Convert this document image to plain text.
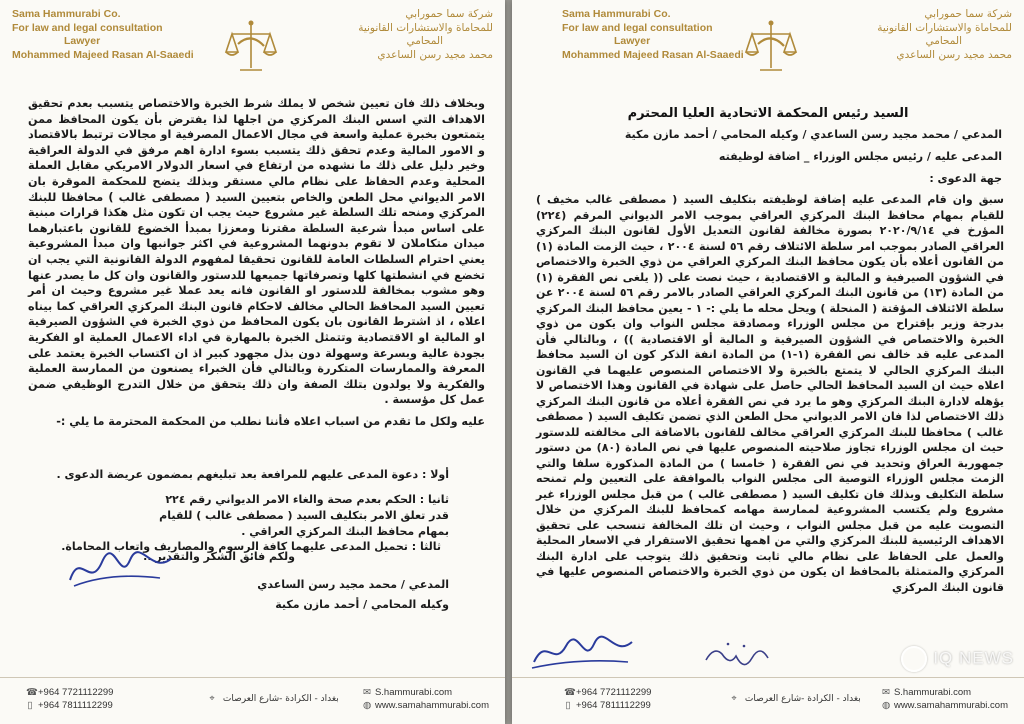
Sama Hammurabi Co.
For law and legal consultation
Lawyer
Mohammed Majeed Rasan Al-Saaedi
شركة سما حمورابي
للمحاماة والاستشارات القانونية
المحامي
محمد مجيد رسن الساعدي

وبخلاف ذلك فان تعيين شخص لا يملك شرط الخبرة والاختصاص يتسبب بعدم تحقيق الاهداف التي اسس البنك المركزي من اجلها لذا يفترض بأن يكون المحافظ ممن يتمتعون بخبرة عملية واسعة في مجال الاعمال المصرفية او مجالات ترتبط بالاقتصاد و الامور المالية وعدم تحقق ذلك يتسبب بسوء ادارة اهم مرفق في الدولة العراقية وخير دليل على ذلك ما نشهده من ارتفاع في اسعار الدولار الامريكي مقابل العملة المحلية وعدم الحفاظ على نظام مالي مستقر وبذلك يتضح للمحكمة الموقرة بان الامر الديواني محل الطعن والخاص بتعيين السيد ( مصطفى غالب ) محافظا للبنك المركزي ومنحه تلك السلطة غير مشروع حيث يجب ان تكون مثل هكذا قرارات مبنية على اساس مبدأ شرعية السلطة مقترنا ومعززا بمبدأ الخضوع للقانون باعتبارهما ميدان متكاملان لا تقوم بدونهما المشروعية في اكثر جوانبها وان مبدأ المشروعية يعني احترام السلطات العامة للقانون تحقيقا لمفهوم الدولة القانونية التي يجب ان تخضع في انشطتها كلها وتصرفاتها جميعها للدستور والقانون وان كل ما يصدر عنها وهو مشوب بمخالفة للدستور او القانون فانه يعد عملا غير مشروع وحيث ان أمر تعيين السيد المحافظ الحالي مخالف لاحكام قانون البنك المركزي العراقي كما بيناه اعلاه ، اذ اشترط القانون بان يكون المحافظ من ذوي الخبرة في الشؤون الصيرفية او المالية او الاقتصادية وتتمثل الخبرة بالمهارة في اداء الاعمال العملية او الفكرية بجودة عالية وبسرعة وسهولة دون بذل مجهود كبير اذ ان اكتساب الخبرة يعتمد على المعرفة والممارسات المتكررة وبالتالي فأن الخبراء يصنعون من الممارسة العملية والفكرية ولا يولدون بتلك الصفة وان ذلك يتحقق من خلال التدرج الوظيفي ضمن عمل كل مؤسسة .

عليه ولكل ما تقدم من اسباب اعلاه فأننا نطلب من المحكمة المحترمة ما يلي :-

أولا : دعوة المدعى عليهم للمرافعة بعد تبليغهم بمضمون عريضة الدعوى .
ثانيا : الحكم بعدم صحة والغاء الامر الديواني رقم ٢٢٤ قدر تعلق الامر بتكليف السيد ( مصطفى غالب ) للقيام بمهام محافظ البنك المركزي العراقي .
ثالثا : تحميل المدعى عليهما كافة الرسوم والمصاريف واتعاب المحاماة.
ولكم فائق الشكر والتقدير ..
المدعي / محمد مجيد رسن الساعدي
وكيله المحامي / أحمد مازن مكية
☎+964 7721112299
▯ +964 7811112299
بغداد - الكرادة -شارع العرصات ⌖
✉ S.hammurabi.com
◍ www.samahammurabi.com
Sama Hammurabi Co.
For law and legal consultation
Lawyer
Mohammed Majeed Rasan Al-Saaedi
شركة سما حمورابي
للمحاماة والاستشارات القانونية
المحامي
محمد مجيد رسن الساعدي
السيد رئيس المحكمة الاتحادية العليا المحترم
المدعي / محمد مجيد رسن الساعدي / وكيله المحامي / أحمد مازن مكية
المدعى عليه / رئيس مجلس الوزراء _ اضافة لوظيفته
جهة الدعوى :

سبق وان قام المدعى عليه إضافة لوظيفته بتكليف السيد ( مصطفى غالب مخيف ) للقيام بمهام محافظ البنك المركزي العراقي بموجب الامر الديواني المرقم (٢٢٤) المؤرخ في ٢٠٢٠/٩/١٤ بصورة مخالفة لقانون التعديل الأول لقانون البنك المركزي العراقي الصادر بموجب امر سلطة الائتلاف رقم ٥٦ لسنة ٢٠٠٤ ، حيث الزمت المادة (١) من القانون أعلاه بأن يكون محافظ البنك المركزي العراقي من ذوي الخبرة والاختصاص في الشؤون الصيرفية و المالية و الاقتصادية ، حيث نصت على (( يلغى نص الفقرة (١) من المادة (١٣) من قانون البنك المركزي العراقي الصادر بالامر رقم ٥٦ لسنة ٢٠٠٤ عن سلطة الائتلاف المؤقتة ( المنحلة ) ويحل محله ما يلي :- ١ - يعين محافظ البنك المركزي بدرجة وزير بإقتراح من مجلس الوزراء ومصادقة مجلس النواب وان يكون من ذوي الخبرة والاختصاص في الشؤون الصيرفية و المالية أو الاقتصادية )) ، وبالتالي فأن المدعى عليه قد خالف نص الفقرة (١-١) من المادة انفة الذكر كون ان السيد محافظ البنك المركزي الحالي لا يتمتع بالخبرة ولا الاختصاص المنصوص عليهما في القانون اعلاه حيث ان السيد المحافظ الحالي حاصل على شهادة في القانون وهذا الاختصاص لا يؤهله لادارة البنك المركزي وهو ما يرد في نص الفقرة أعلاه من قانون البنك المركزي ذلك الاختصاص لذا فان الامر الديواني محل الطعن الذي تضمن تكليف السيد ( مصطفى غالب ) محافظا للبنك المركزي العراقي مخالف للقانون بالاضافة الى مخالفته للدستور حيث ان مجلس الوزراء تجاوز صلاحيته المنصوص عليها في نص المادة (٨٠) من دستور جمهورية العراق وتحديد في نص الفقرة ( خامسا ) من المادة المذكورة سلفا والتي الزمت مجلس الوزراء التوصية الى مجلس النواب بالموافقة على التعيين ولم تمنحه سلطة التكليف وبذلك فان تكليف السيد ( مصطفى غالب ) من قبل مجلس الوزراء غير مشروع ولم يكتسب المشروعية لممارسة مهامه كمحافظ للبنك المركزي من خلال التصويت عليه من قبل مجلس النواب ، وحيث ان تلك المخالفة تنسحب على تحقيق الاهداف الرئيسية للبنك المركزي والتي من اهمها تحقيق الاستقرار في الاسعار المحلية والعمل على الحفاظ على نظام مالي ثابت وتحقيق ذلك يتوجب على ادارة البنك المركزي والمتمثلة بالمحافظ ان يكون من ذوي الخبرة والاختصاص المنصوص عليها في قانون البنك المركزي

IQ NEWS
☎+964 7721112299
▯ +964 7811112299
بغداد - الكرادة -شارع العرصات ⌖
✉ S.hammurabi.com
◍ www.samahammurabi.com
